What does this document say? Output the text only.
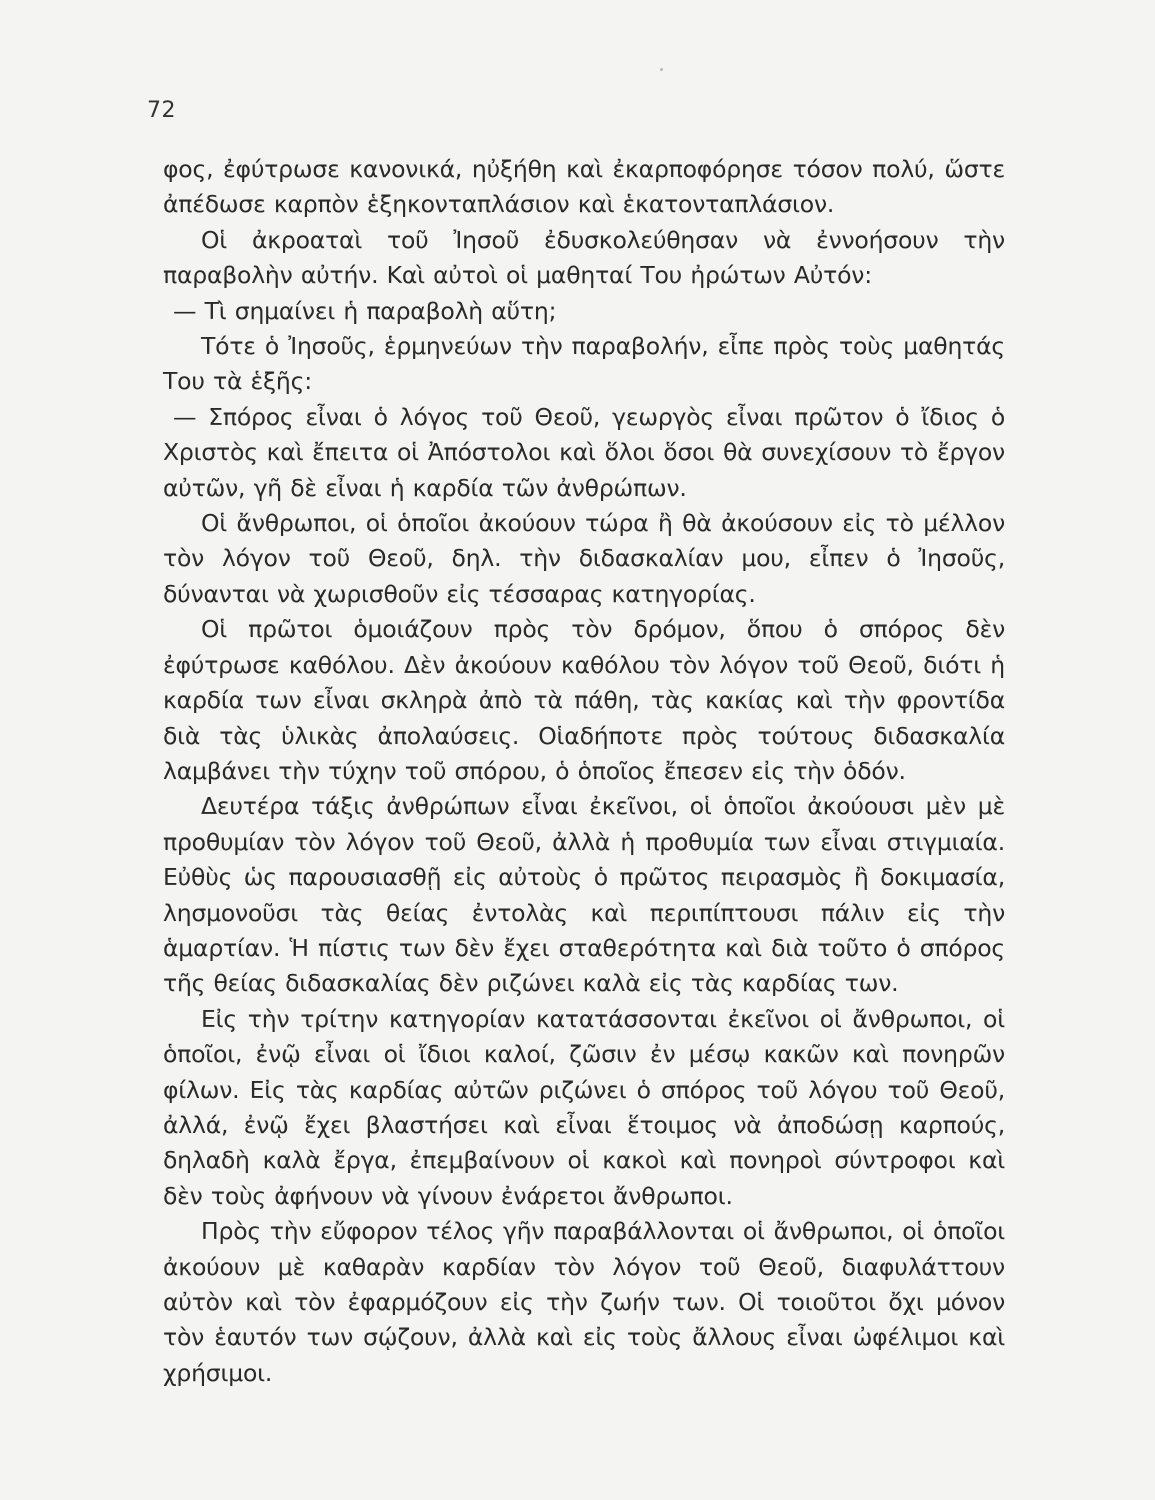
72

φος, ἐφύτρωσε κανονικά, ηὐξήθη καὶ ἐκαρποφόρησε τόσον πολύ, ὥστε ἀπέδωσε καρπὸν ἑξηκονταπλάσιον καὶ ἑκατονταπλάσιον.

Οἱ ἀκροαταὶ τοῦ Ἰησοῦ ἐδυσκολεύθησαν νὰ ἐννοήσουν τὴν παραβολὴν αὐτήν. Καὶ αὐτοὶ οἱ μαθηταί Του ἠρώτων Αὐτόν:

— Τὶ σημαίνει ἡ παραβολὴ αὕτη;

Τότε ὁ Ἰησοῦς, ἑρμηνεύων τὴν παραβολήν, εἶπε πρὸς τοὺς μαθητάς Του τὰ ἑξῆς:

— Σπόρος εἶναι ὁ λόγος τοῦ Θεοῦ, γεωργὸς εἶναι πρῶτον ὁ ἴδιος ὁ Χριστὸς καὶ ἔπειτα οἱ Ἀπόστολοι καὶ ὅλοι ὅσοι θὰ συνεχίσουν τὸ ἔργον αὐτῶν, γῆ δὲ εἶναι ἡ καρδία τῶν ἀνθρώπων.

Οἱ ἄνθρωποι, οἱ ὁποῖοι ἀκούουν τώρα ἢ θὰ ἀκούσουν εἰς τὸ μέλλον τὸν λόγον τοῦ Θεοῦ, δηλ. τὴν διδασκαλίαν μου, εἶπεν ὁ Ἰησοῦς, δύνανται νὰ χωρισθοῦν εἰς τέσσαρας κατηγορίας.

Οἱ πρῶτοι ὁμοιάζουν πρὸς τὸν δρόμον, ὅπου ὁ σπόρος δὲν ἐφύτρωσε καθόλου. Δὲν ἀκούουν καθόλου τὸν λόγον τοῦ Θεοῦ, διότι ἡ καρδία των εἶναι σκληρὰ ἀπὸ τὰ πάθη, τὰς κακίας καὶ τὴν φροντίδα διὰ τὰς ὑλικὰς ἀπολαύσεις. Οἱαδήποτε πρὸς τούτους διδασκαλία λαμβάνει τὴν τύχην τοῦ σπόρου, ὁ ὁποῖος ἔπεσεν εἰς τὴν ὁδόν.

Δευτέρα τάξις ἀνθρώπων εἶναι ἐκεῖνοι, οἱ ὁποῖοι ἀκούουσι μὲν μὲ προθυμίαν τὸν λόγον τοῦ Θεοῦ, ἀλλὰ ἡ προθυμία των εἶναι στιγμιαία. Εὐθὺς ὡς παρουσιασθῇ εἰς αὐτοὺς ὁ πρῶτος πειρασμὸς ἢ δοκιμασία, λησμονοῦσι τὰς θείας ἐντολὰς καὶ περιπίπτουσι πάλιν εἰς τὴν ἁμαρτίαν. Ἡ πίστις των δὲν ἔχει σταθερότητα καὶ διὰ τοῦτο ὁ σπόρος τῆς θείας διδασκαλίας δὲν ριζώνει καλὰ εἰς τὰς καρδίας των.

Εἰς τὴν τρίτην κατηγορίαν κατατάσσονται ἐκεῖνοι οἱ ἄνθρωποι, οἱ ὁποῖοι, ἐνῷ εἶναι οἱ ἴδιοι καλοί, ζῶσιν ἐν μέσῳ κακῶν καὶ πονηρῶν φίλων. Εἰς τὰς καρδίας αὐτῶν ριζώνει ὁ σπόρος τοῦ λόγου τοῦ Θεοῦ, ἀλλά, ἐνῷ ἔχει βλαστήσει καὶ εἶναι ἕτοιμος νὰ ἀποδώσῃ καρπούς, δηλαδὴ καλὰ ἔργα, ἐπεμβαίνουν οἱ κακοὶ καὶ πονηροὶ σύντροφοι καὶ δὲν τοὺς ἀφήνουν νὰ γίνουν ἐνάρετοι ἄνθρωποι.

Πρὸς τὴν εὔφορον τέλος γῆν παραβάλλονται οἱ ἄνθρωποι, οἱ ὁποῖοι ἀκούουν μὲ καθαρὰν καρδίαν τὸν λόγον τοῦ Θεοῦ, διαφυλάττουν αὐτὸν καὶ τὸν ἐφαρμόζουν εἰς τὴν ζωήν των. Οἱ τοιοῦτοι ὄχι μόνον τὸν ἑαυτόν των σῴζουν, ἀλλὰ καὶ εἰς τοὺς ἄλλους εἶναι ὠφέλιμοι καὶ χρήσιμοι.
